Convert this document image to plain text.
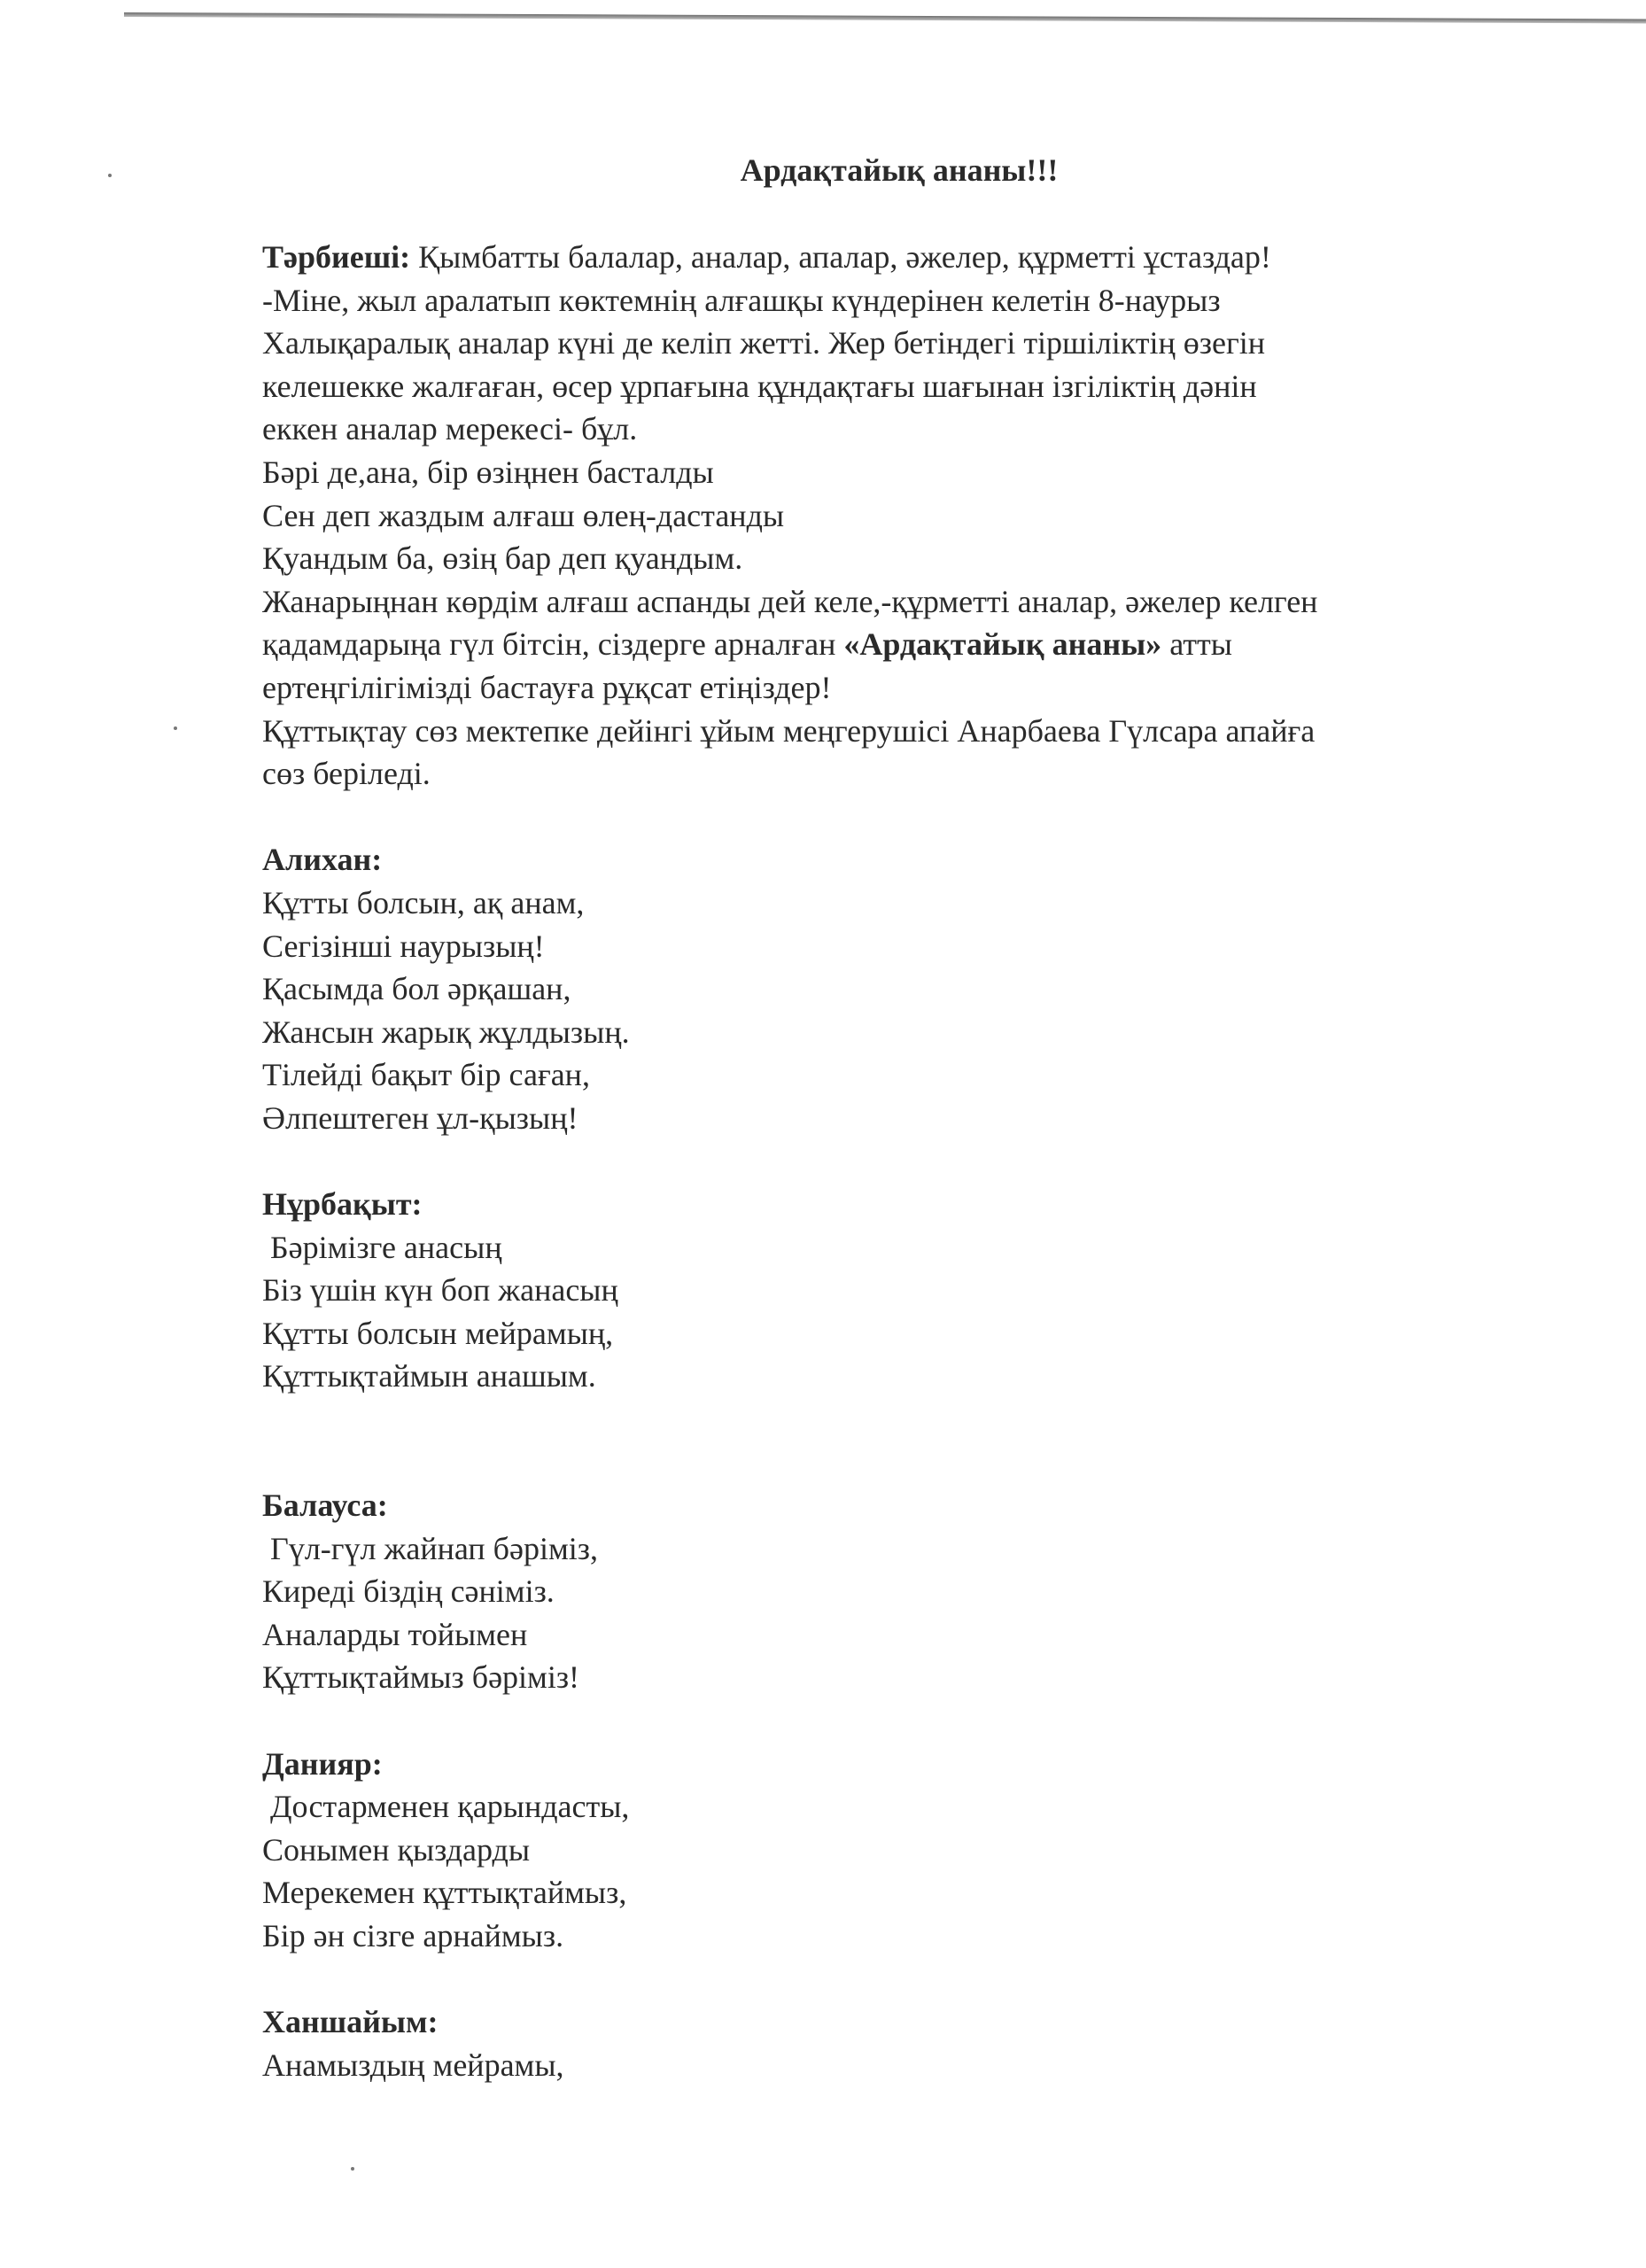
Ардақтайық ананы!!!
Тәрбиеші: Қымбатты балалар, аналар, апалар, әжелер, құрметті ұстаздар!
-Міне, жыл аралатып көктемнің алғашқы күндерінен келетін 8-наурыз
Халықаралық аналар күні де келіп жетті. Жер бетіндегі тіршіліктің өзегін
келешекке жалғаған, өсер ұрпағына құндақтағы шағынан ізгіліктің дәнін
еккен аналар мерекесі- бұл.
Бәрі де,ана, бір өзіңнен басталды
Сен деп жаздым алғаш өлең-дастанды
Қуандым ба, өзің бар деп қуандым.
Жанарыңнан көрдім алғаш аспанды дей келе,-құрметті аналар, әжелер келген
қадамдарыңа гүл бітсін, сіздерге арналған «Ардақтайық ананы» атты
ертеңгілігімізді бастауға рұқсат етіңіздер!
Құттықтау сөз мектепке дейінгі ұйым меңгерушісі Анарбаева Гүлсара апайға
сөз беріледі.
Алихан:
Құтты болсын, ақ анам,
Сегізінші наурызың!
Қасымда бол әрқашан,
Жансын жарық жұлдызың.
Тілейді бақыт бір саған,
Әлпештеген ұл-қызың!
Нұрбақыт:
Бәрімізге анасың
Біз үшін күн боп жанасың
Құтты болсын мейрамың,
Құттықтаймын анашым.
Балауса:
Гүл-гүл жайнап бәріміз,
Киреді біздің сәніміз.
Аналарды тойымен
Құттықтаймыз бәріміз!
Данияр:
Достарменен қарындасты,
Сонымен қыздарды
Мерекемен құттықтаймыз,
Бір ән сізге арнаймыз.
Ханшайым:
Анамыздың мейрамы,
